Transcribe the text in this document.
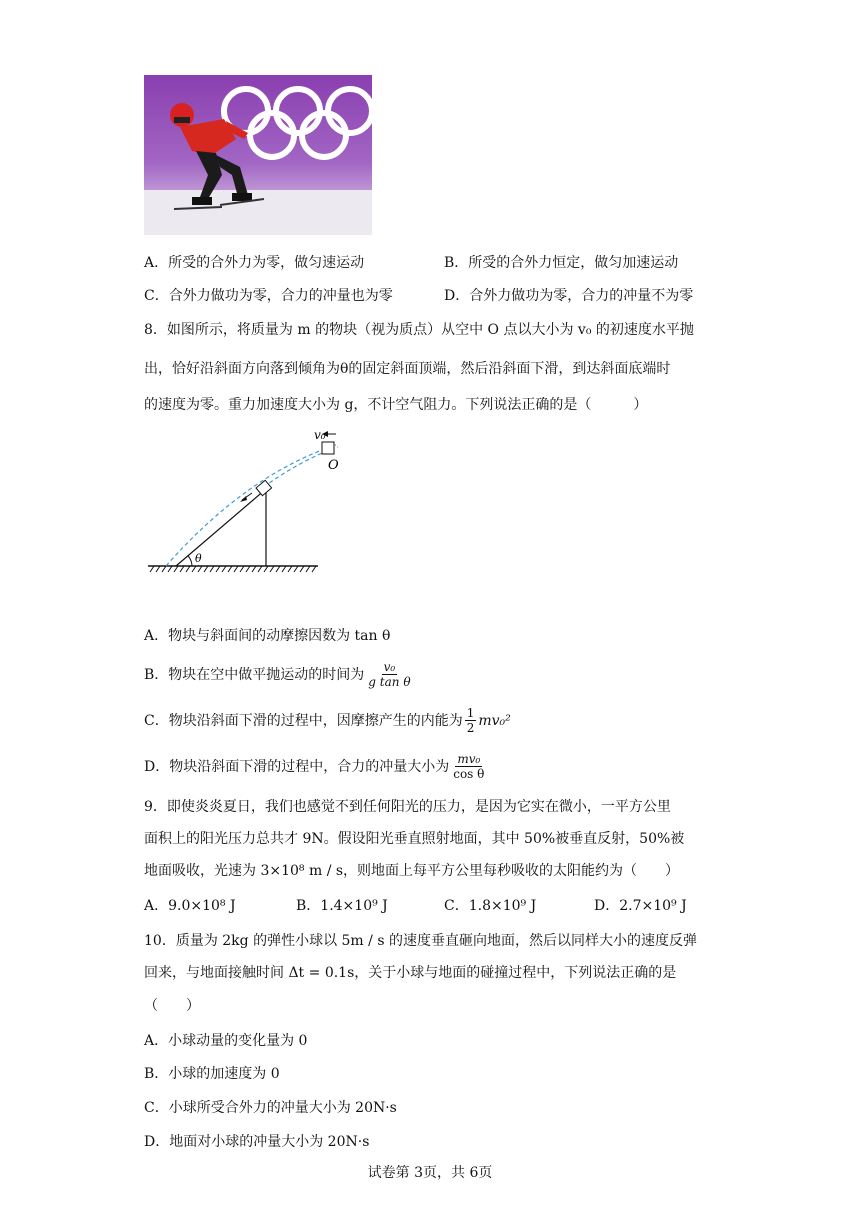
A．所受的合外力为零，做匀速运动	B．所受的合外力恒定，做匀加速运动
C．合外力做功为零，合力的冲量也为零	D．合外力做功为零，合力的冲量不为零
8．如图所示，将质量为 m 的物块（视为质点）从空中 O 点以大小为 v₀ 的初速度水平抛
出，恰好沿斜面方向落到倾角为θ的固定斜面顶端，然后沿斜面下滑，到达斜面底端时
的速度为零。重力加速度大小为 g，不计空气阻力。下列说法正确的是（　　　）
θ
v₀
O
A．物块与斜面间的动摩擦因数为 tan θ
B．物块在空中做平抛运动的时间为 $\frac{\text{v₀}}{\text{g tan θ}}$
C．物块沿斜面下滑的过程中，因摩擦产生的内能为 $\frac{1}{2} mv_0^2$
D．物块沿斜面下滑的过程中，合力的冲量大小为 $\frac{\text{mv₀}}{\text{cos θ}}$
9．即使炎炎夏日，我们也感觉不到任何阳光的压力，是因为它实在微小，一平方公里
面积上的阳光压力总共才 9N。假设阳光垂直照射地面，其中 50%被垂直反射，50%被
地面吸收，光速为 3×10⁸ m / s，则地面上每平方公里每秒吸收的太阳能约为（　　）
A．9.0×10⁸ J	B．1.4×10⁹ J	C．1.8×10⁹ J	D．2.7×10⁹ J
10．质量为 2kg 的弹性小球以 5m / s 的速度垂直砸向地面，然后以同样大小的速度反弹
回来，与地面接触时间 Δt = 0.1s，关于小球与地面的碰撞过程中，下列说法正确的是
（　　）
A．小球动量的变化量为 0
B．小球的加速度为 0
C．小球所受合外力的冲量大小为 20N·s
D．地面对小球的冲量大小为 20N·s
试卷第 3页，共 6页
